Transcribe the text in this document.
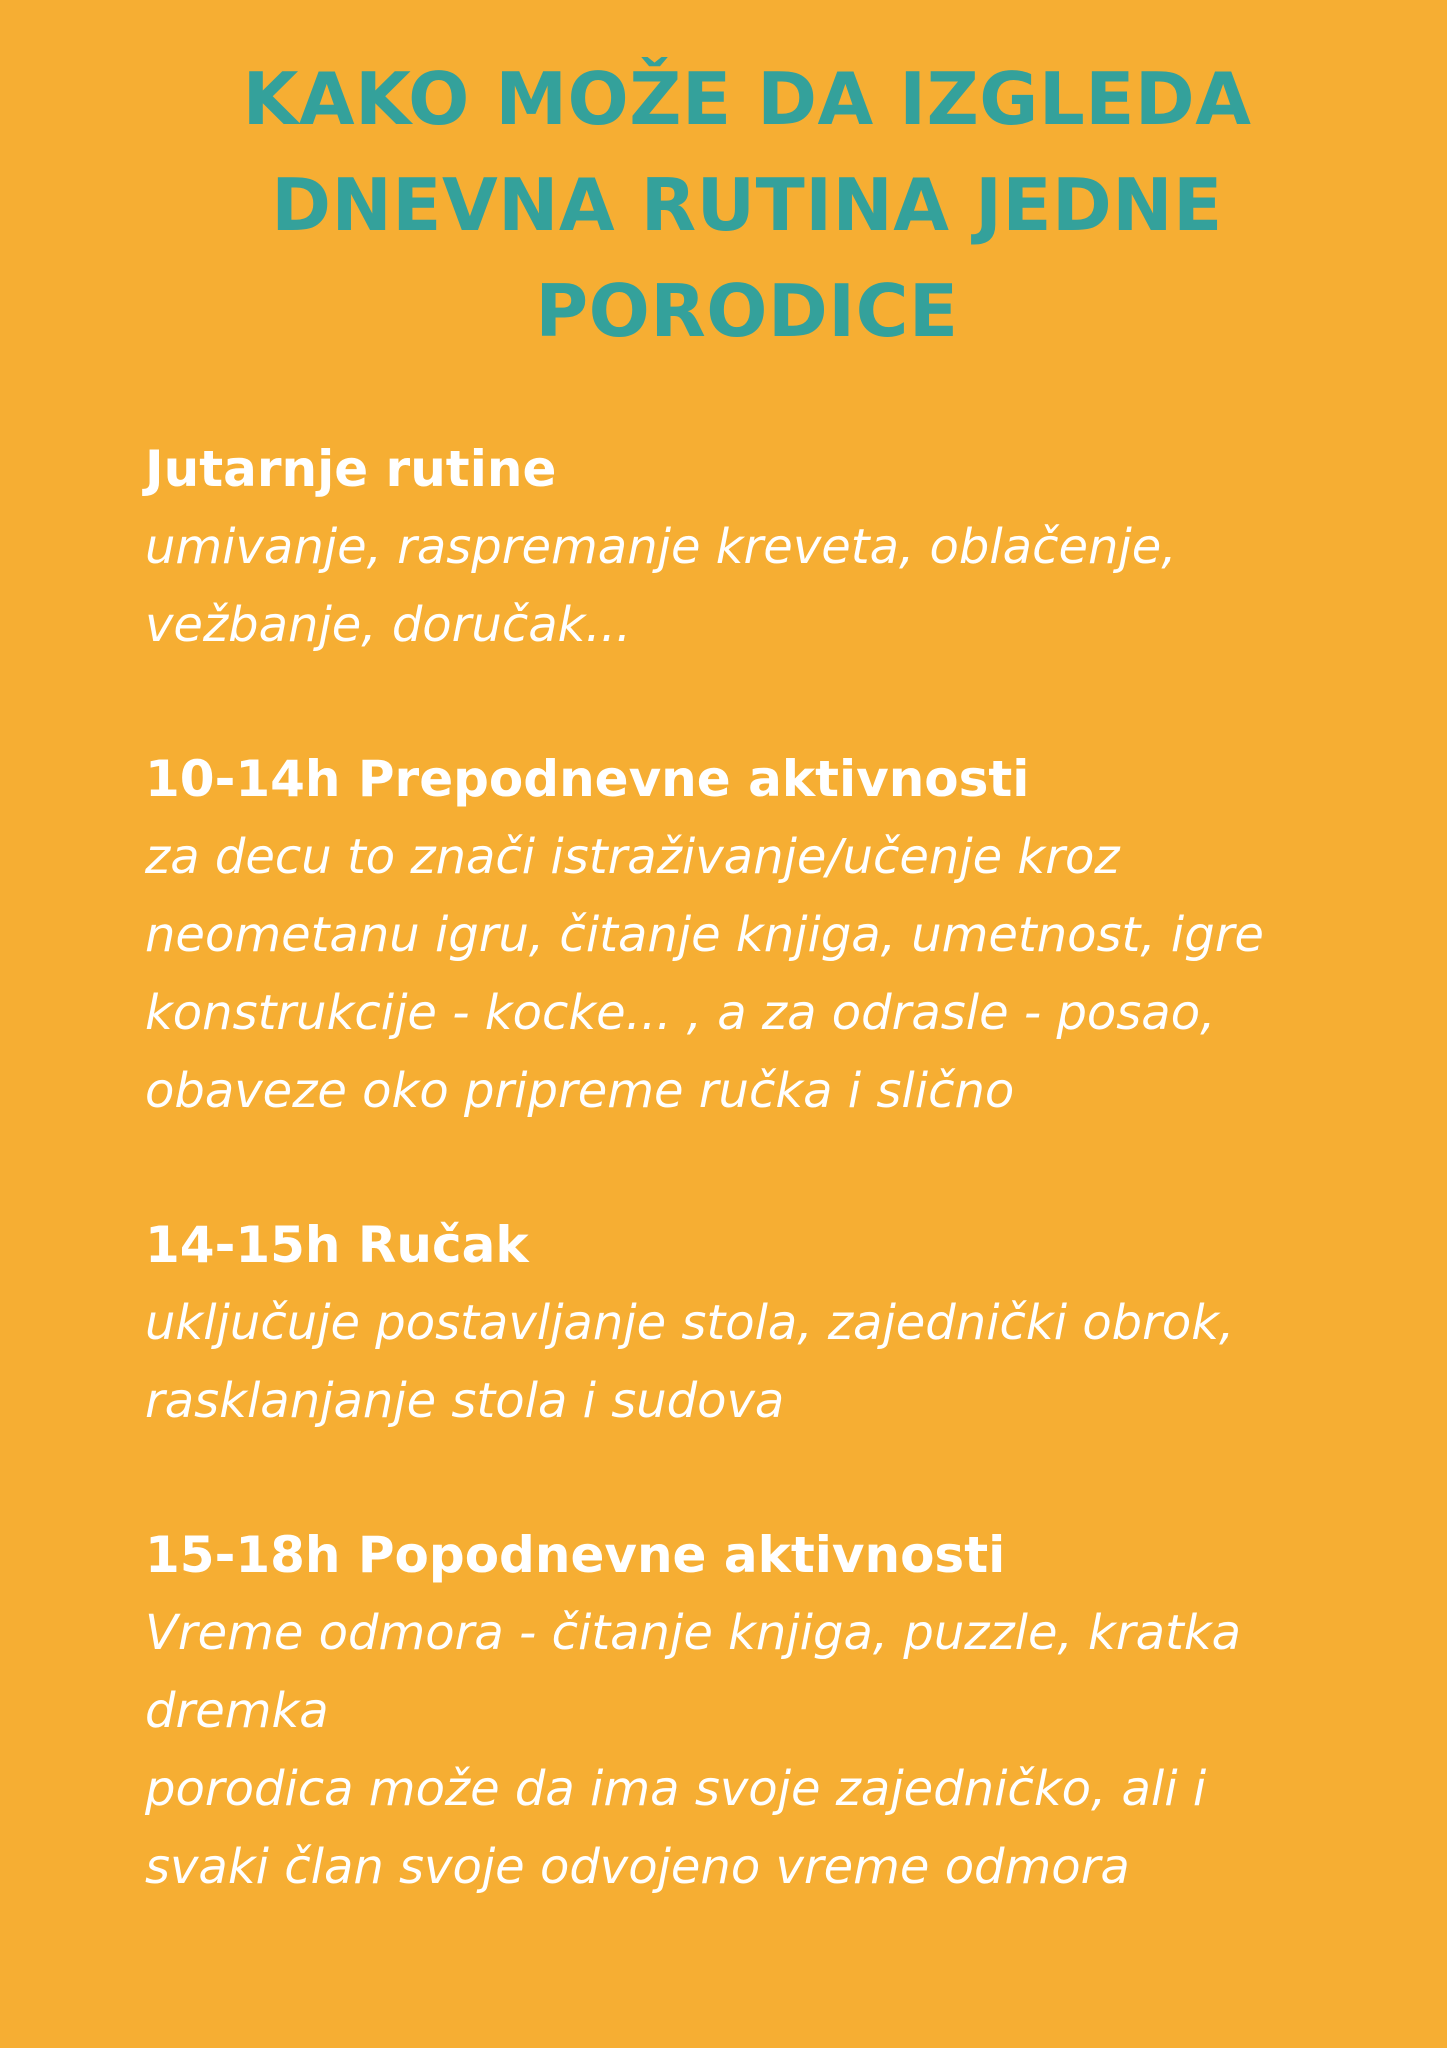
KAKO MOŽE DA IZGLEDA
DNEVNA RUTINA JEDNE
PORODICE
Jutarnje rutine
umivanje, raspremanje kreveta, oblačenje,
vežbanje, doručak...
10-14h Prepodnevne aktivnosti
za decu to znači istraživanje/učenje kroz
neometanu igru, čitanje knjiga, umetnost, igre
konstrukcije - kocke... , a za odrasle - posao,
obaveze oko pripreme ručka i slično
14-15h Ručak
uključuje postavljanje stola, zajednički obrok,
rasklanjanje stola i sudova
15-18h Popodnevne aktivnosti
Vreme odmora - čitanje knjiga, puzzle, kratka
dremka
porodica može da ima svoje zajedničko, ali i
svaki član svoje odvojeno vreme odmora
